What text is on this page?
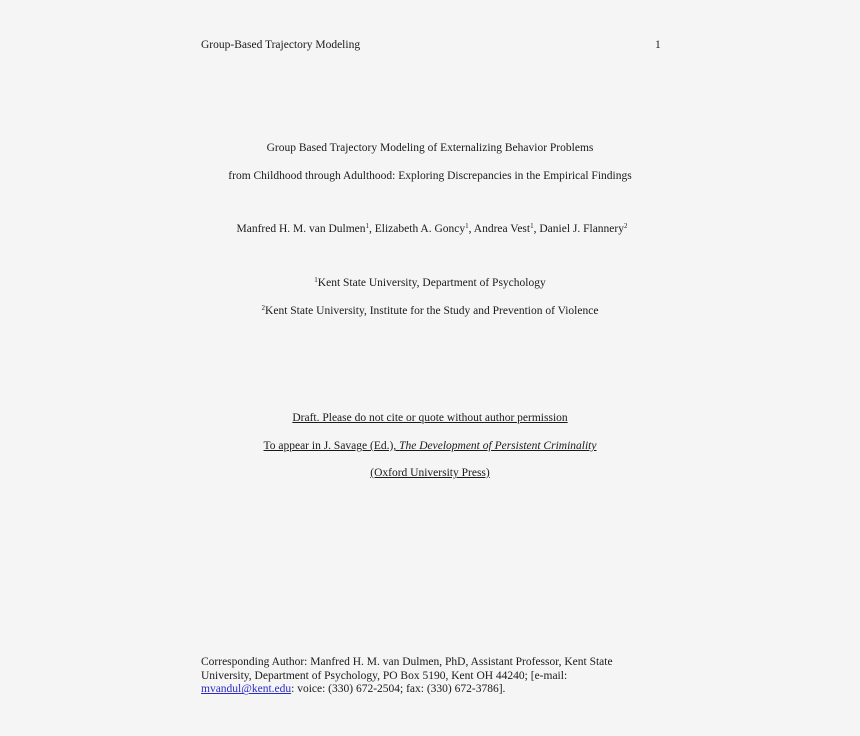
Group-Based Trajectory Modeling	1
Group Based Trajectory Modeling of Externalizing Behavior Problems
from Childhood through Adulthood: Exploring Discrepancies in the Empirical Findings
Manfred H. M. van Dulmen$^1$, Elizabeth A. Goncy$^1$, Andrea Vest$^1$, Daniel J. Flannery$^2$
$^1$Kent State University, Department of Psychology
$^2$Kent State University, Institute for the Study and Prevention of Violence
Draft. Please do not cite or quote without author permission
To appear in J. Savage (Ed.), The Development of Persistent Criminality
(Oxford University Press)
Corresponding Author: Manfred H. M. van Dulmen, PhD, Assistant Professor, Kent State
University, Department of Psychology, PO Box 5190, Kent OH 44240; [e-mail:
mvandul@kent.edu: voice: (330) 672-2504; fax: (330) 672-3786].
